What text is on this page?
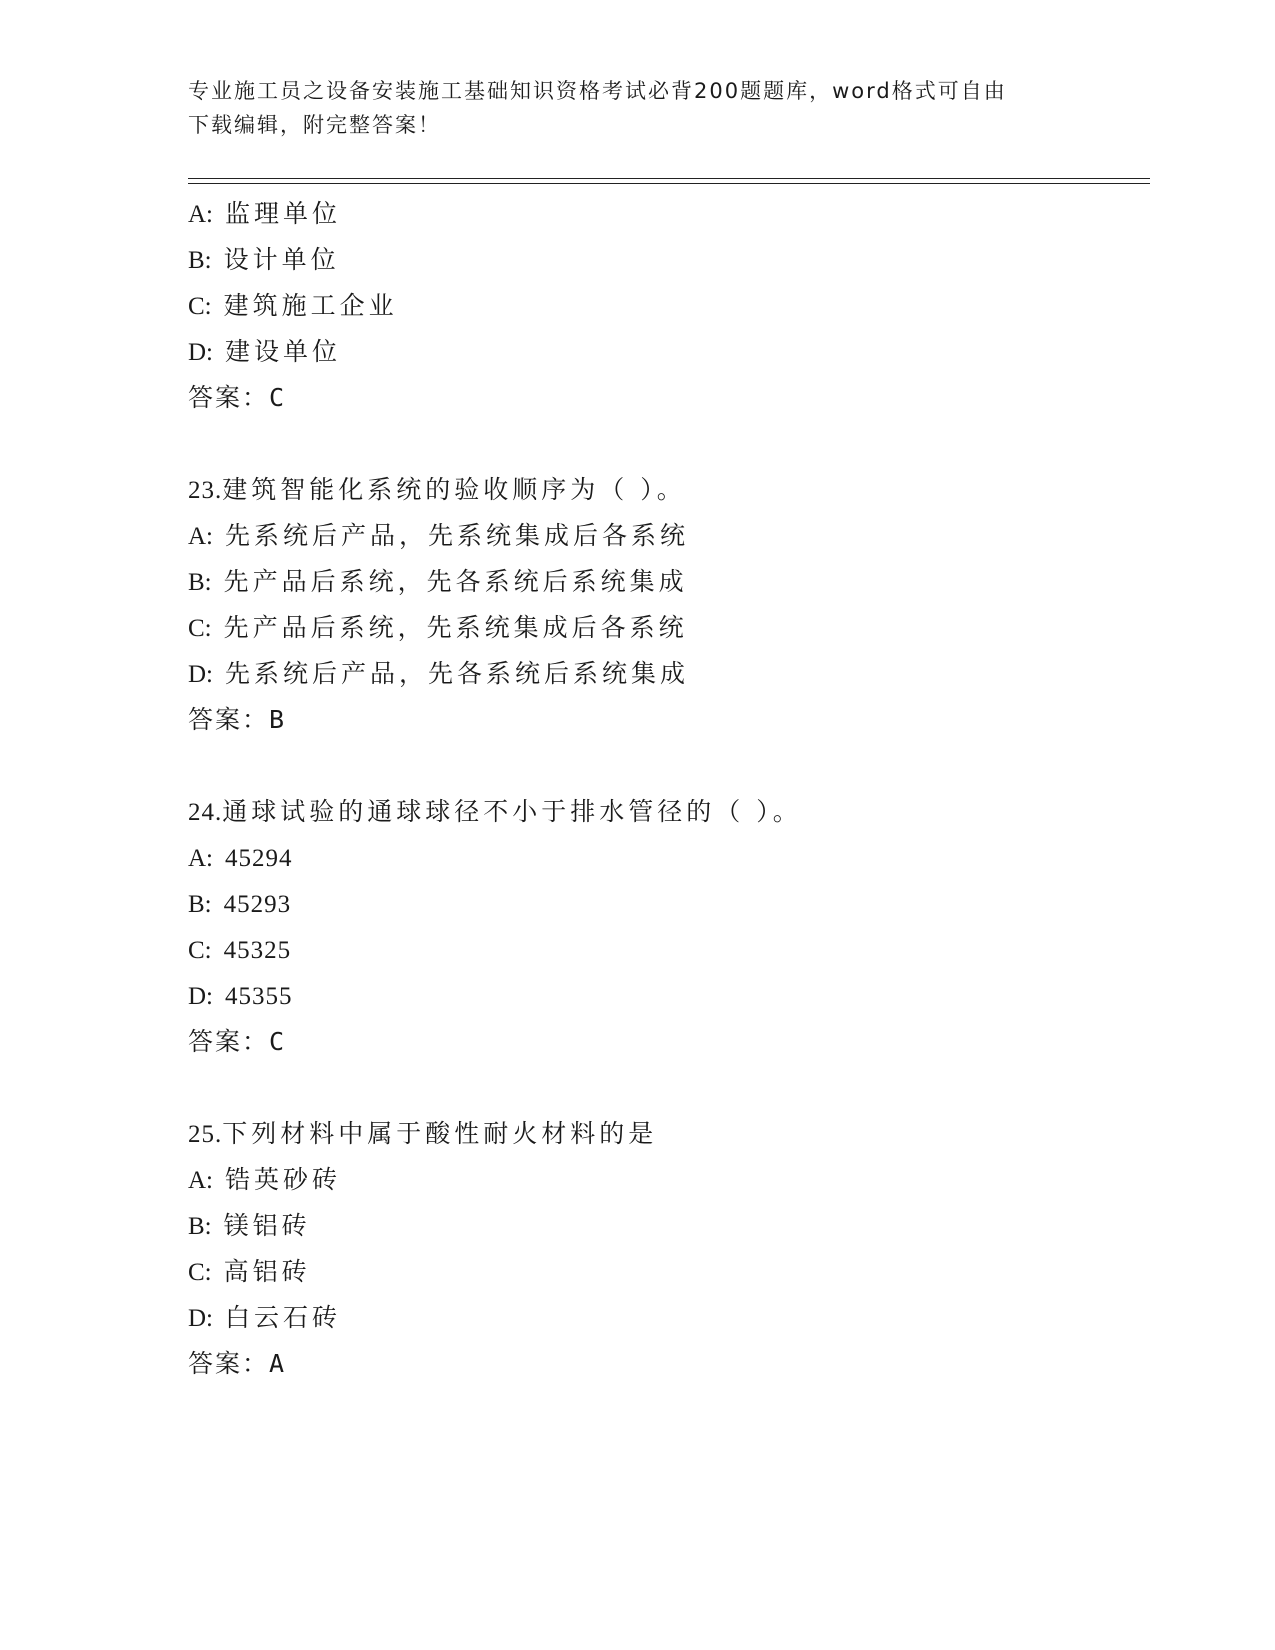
专业施工员之设备安装施工基础知识资格考试必背200题题库，word格式可自由
下载编辑，附完整答案！
A: 监理单位
B: 设计单位
C: 建筑施工企业
D: 建设单位
答案：C
23.建筑智能化系统的验收顺序为（ ）。
A: 先系统后产品，先系统集成后各系统
B: 先产品后系统，先各系统后系统集成
C: 先产品后系统，先系统集成后各系统
D: 先系统后产品，先各系统后系统集成
答案：B
24.通球试验的通球球径不小于排水管径的（ ）。
A: 45294
B: 45293
C: 45325
D: 45355
答案：C
25.下列材料中属于酸性耐火材料的是
A: 锆英砂砖
B: 镁铝砖
C: 高铝砖
D: 白云石砖
答案：A
